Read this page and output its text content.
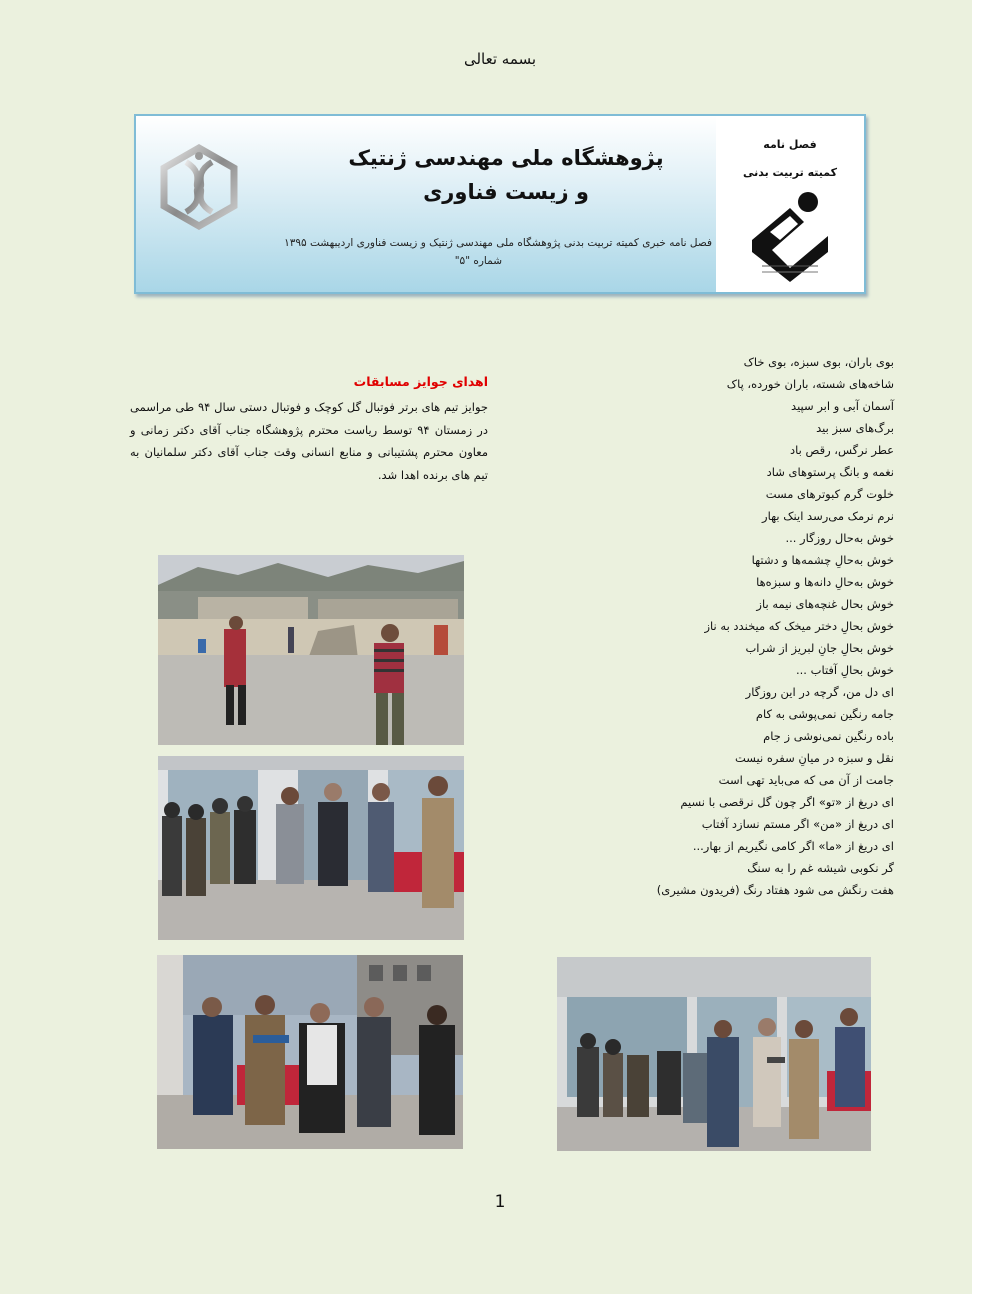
بسمه تعالی
پژوهشگاه ملی مهندسی ژنتیک
و زیست فناوری
فصل نامه خبری کمیته تربیت بدنی پژوهشگاه ملی مهندسی ژنتیک و زیست فناوری اردیبهشت ۱۳۹۵
شماره "۵"
فصل نامه
کمیته تربیت بدنی
اهدای جوایز مسابقات
جوایز تیم های برتر فوتبال گل کوچک و فوتبال دستی سال ۹۴ طی مراسمی در زمستان ۹۴ توسط ریاست محترم پژوهشگاه جناب آقای دکتر زمانی و معاون محترم پشتیبانی و منابع انسانی وقت جناب آقای دکتر سلمانیان به تیم های برنده اهدا شد.
بوی باران، بوی سبزه، بوی خاک
شاخه‌های شسته، باران خورده، پاک
آسمان آبی و ابر سپید
برگ‌های سبز بید
عطر نرگس، رقص باد
نغمه و بانگ پرستوهای شاد
خلوت گرم کبوترهای مست
نرم نرمک می‌رسد اینک بهار
خوش به‌حال روزگار ...
خوش به‌حالِ چشمه‌ها و دشتها
خوش به‌حالِ دانه‌ها و سبزه‌ها
خوش بحال غنچه‌های نیمه باز
خوش بحالِ دختر میخک که میخندد به ناز
خوش بحالِ جانِ لبریز از شراب
خوش بحالِ آفتاب ...
ای دل من، گرچه در این روزگار
جامه رنگین نمی‌پوشی به کام
باده رنگین نمی‌نوشی ز جام
نقل و سبزه در میانِ سفره نیست
جامت از آن می که می‌باید تهی است
ای دریغ از «تو» اگر چون گل نرقصی با نسیم
ای دریغ از «من» اگر مستم نسازد آفتاب
ای دریغ از «ما» اگر کامی نگیریم از بهار...
گر نکوبی شیشه غم را به سنگ
هفت رنگش می شود هفتاد رنگ (فریدون مشیری)
1
